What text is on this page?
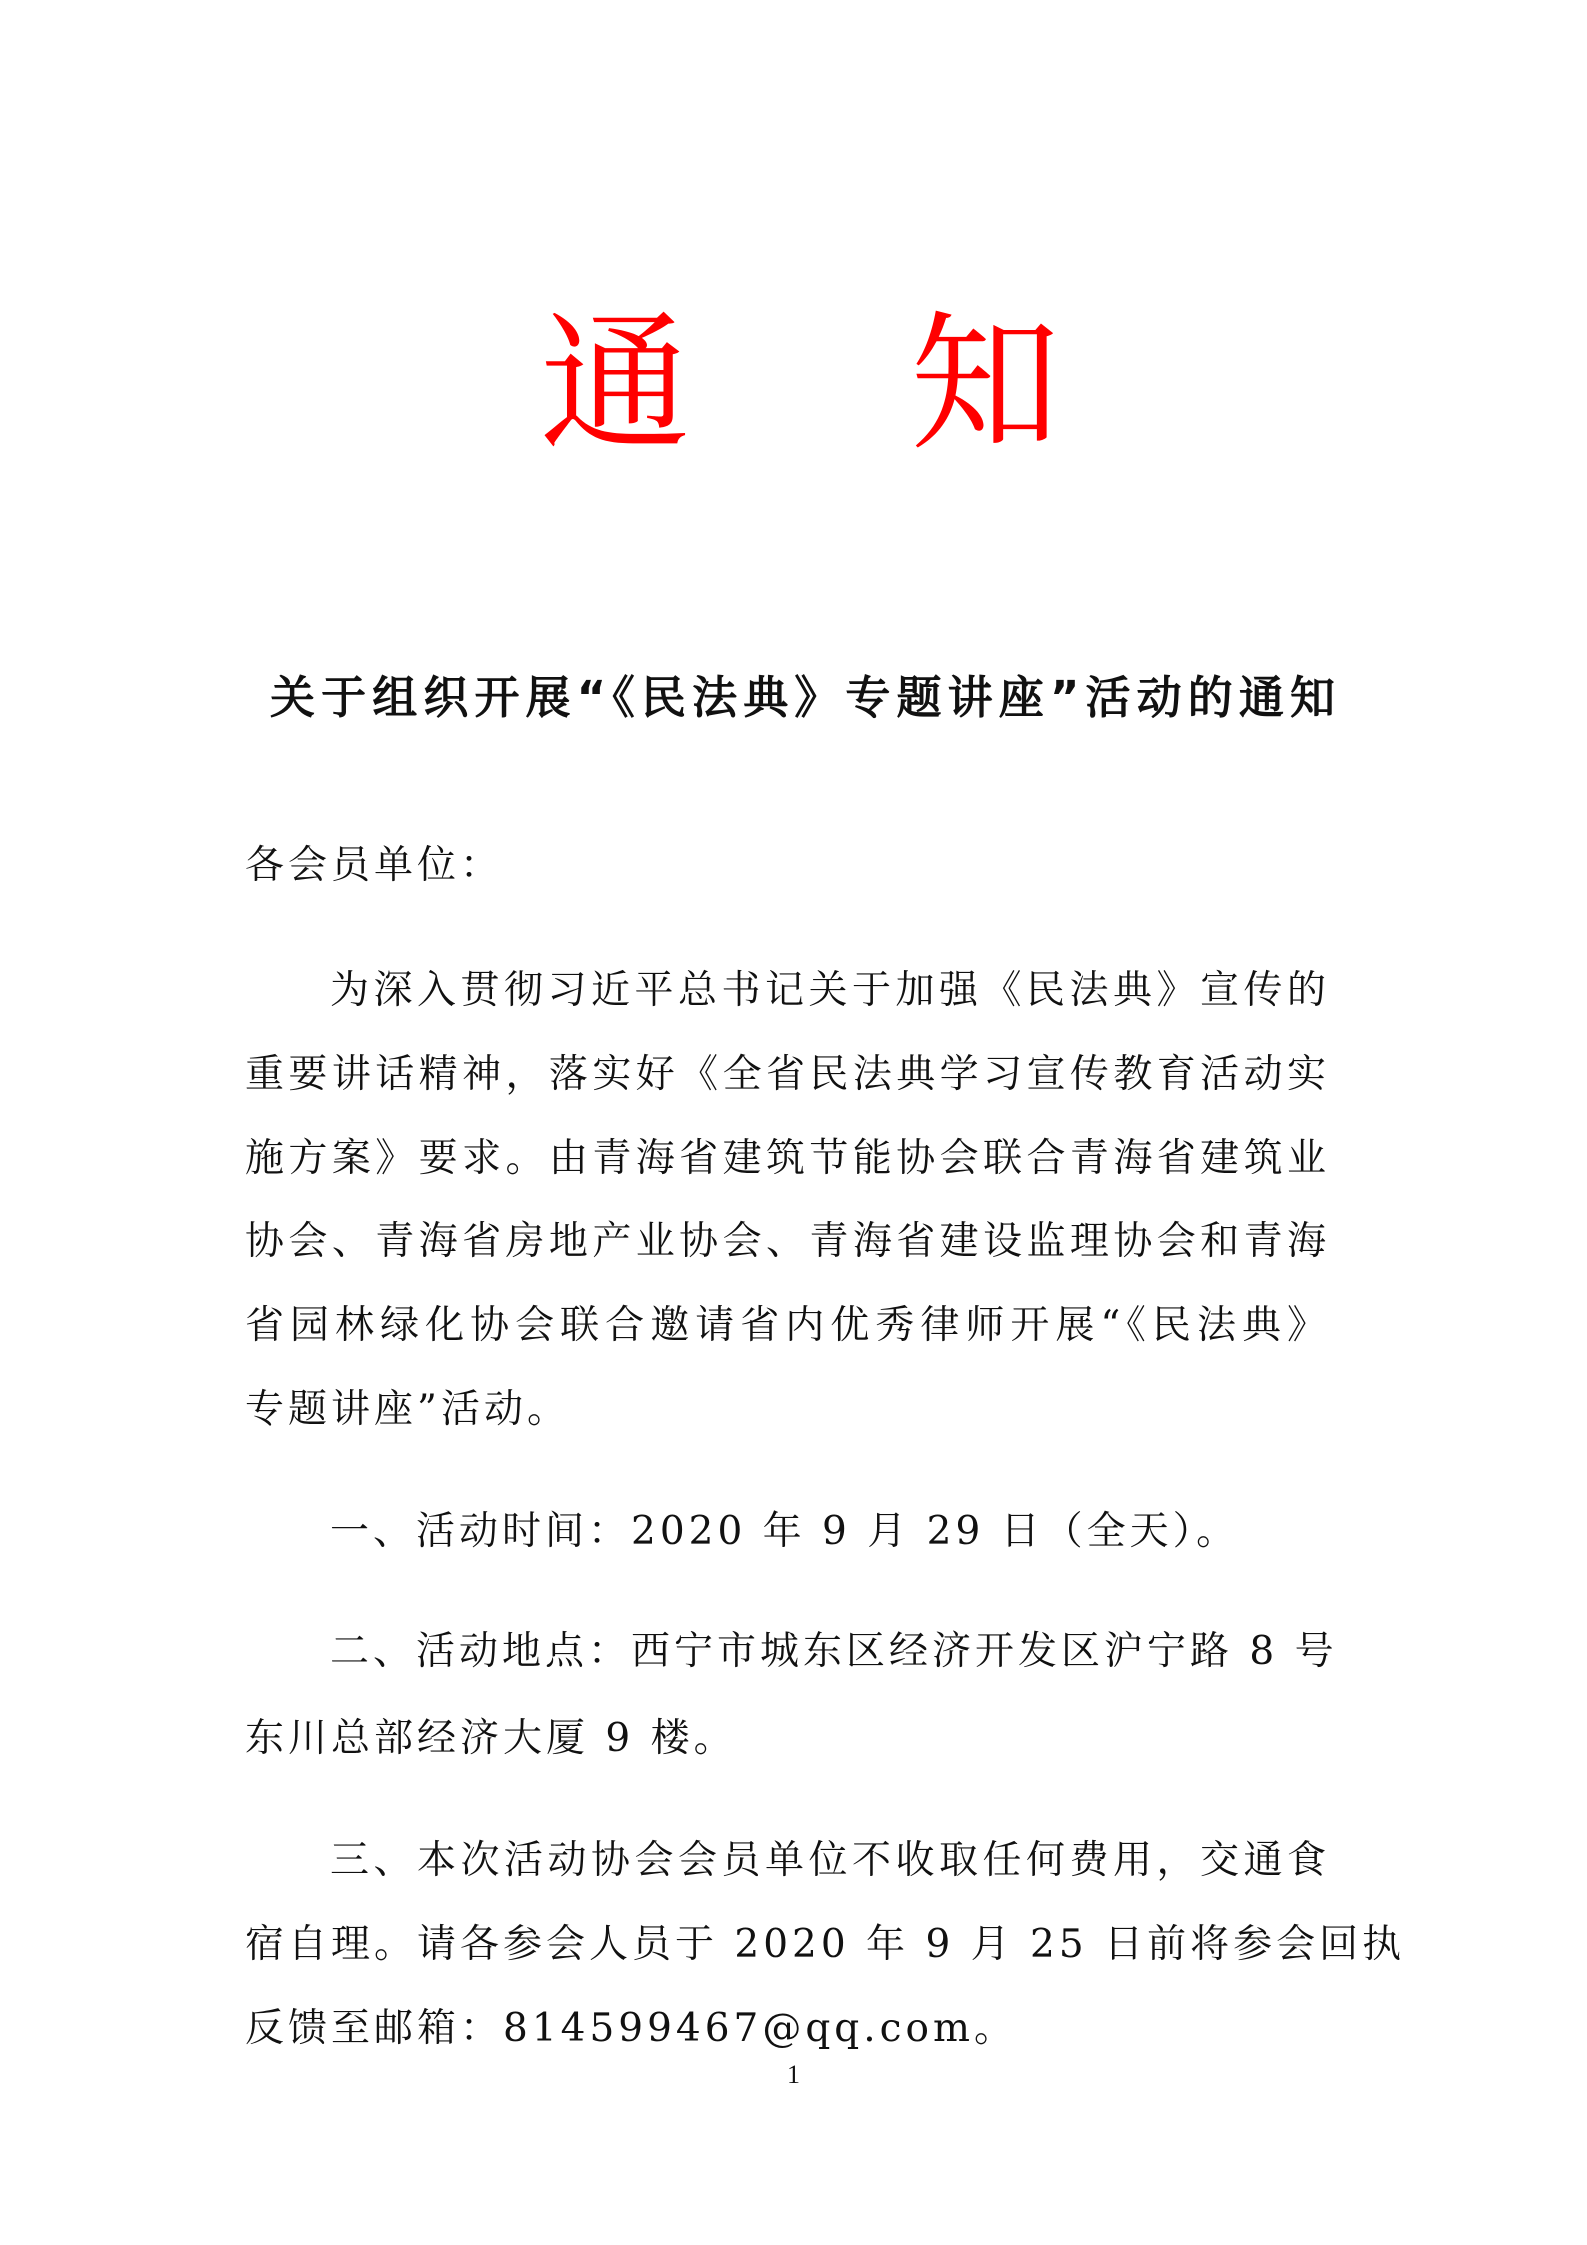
通 知
关于组织开展“《民法典》专题讲座”活动的通知
各会员单位：
为深入贯彻习近平总书记关于加强《民法典》宣传的
重要讲话精神，落实好《全省民法典学习宣传教育活动实
施方案》要求。由青海省建筑节能协会联合青海省建筑业
协会、青海省房地产业协会、青海省建设监理协会和青海
省园林绿化协会联合邀请省内优秀律师开展“《民法典》
专题讲座”活动。
一、活动时间：2020 年 9 月 29 日（全天）。
二、活动地点：西宁市城东区经济开发区沪宁路 8 号
东川总部经济大厦 9 楼。
三、本次活动协会会员单位不收取任何费用，交通食
宿自理。请各参会人员于 2020 年 9 月 25 日前将参会回执
反馈至邮箱：814599467@qq.com。
1
